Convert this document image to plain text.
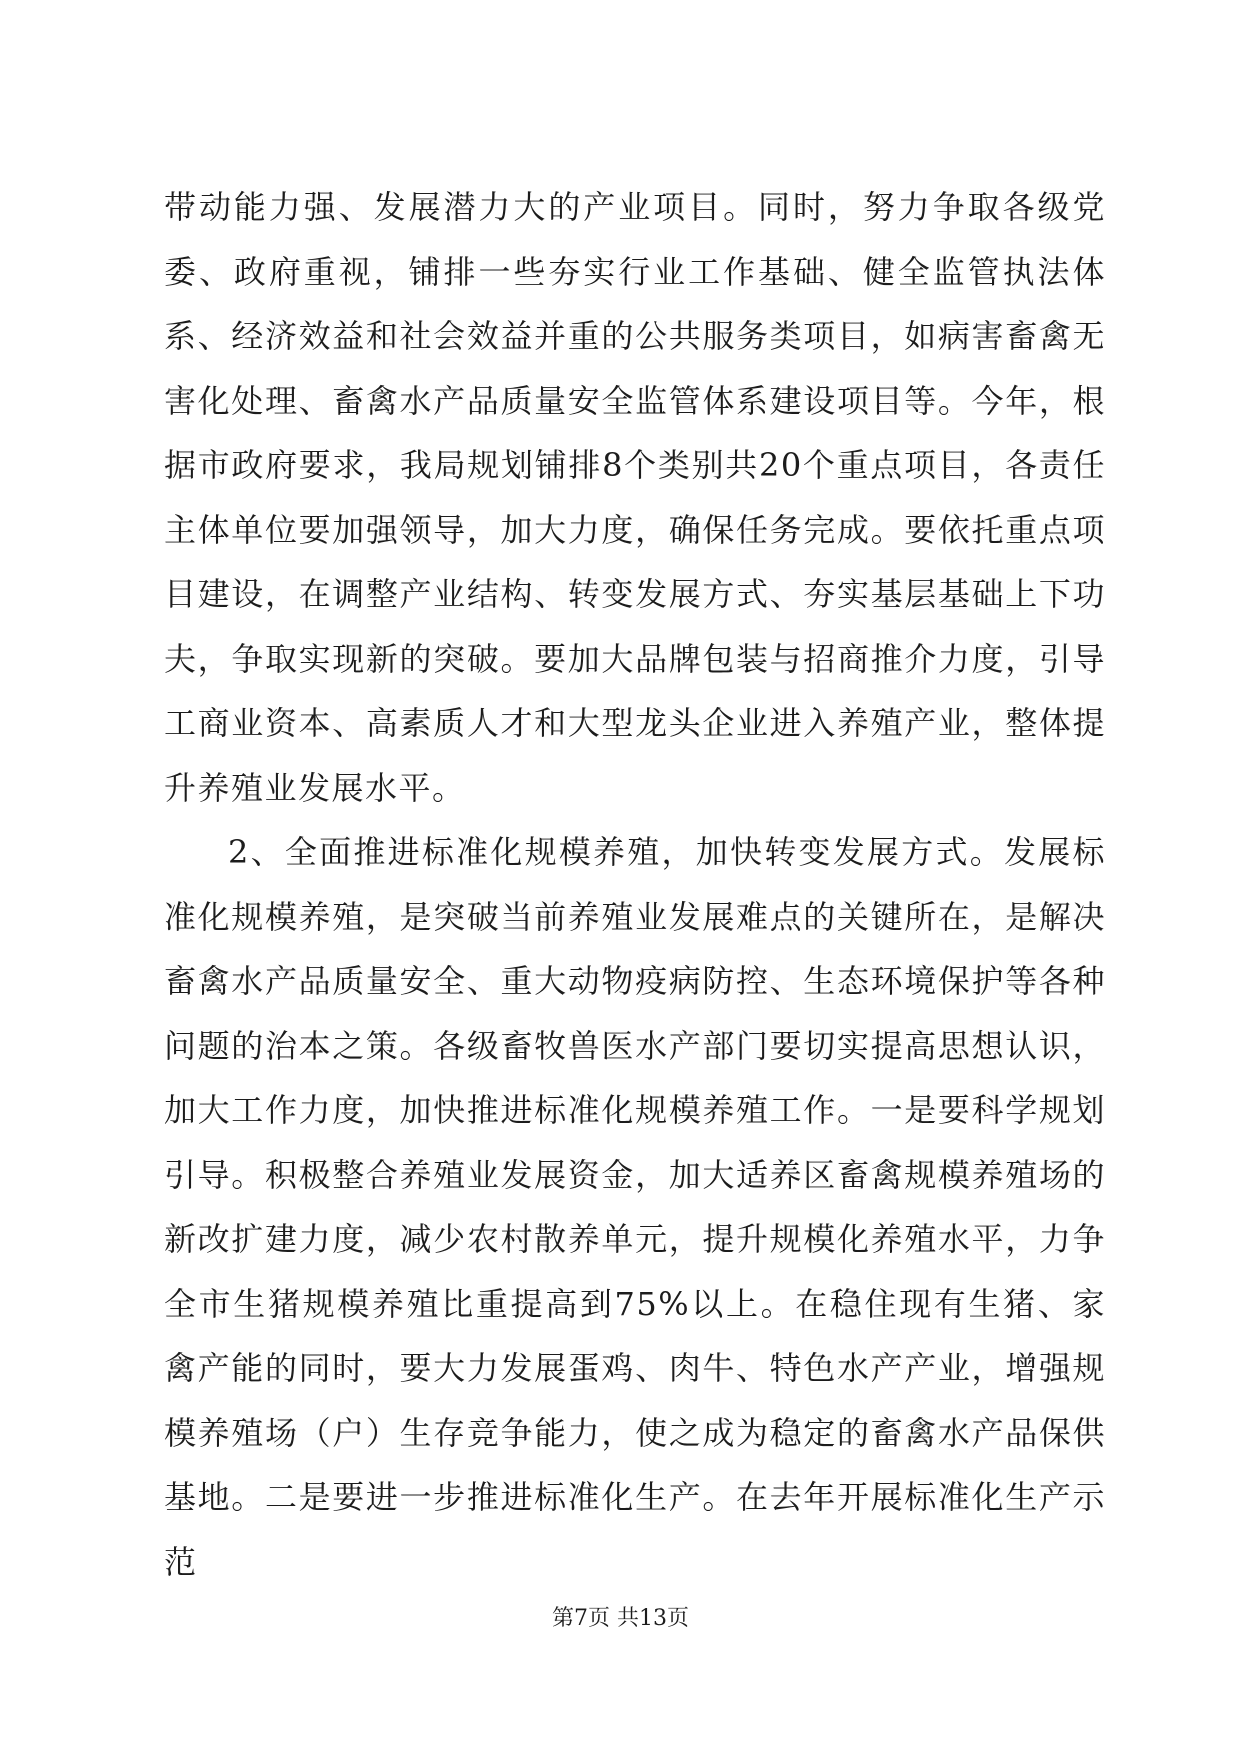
带动能力强、发展潜力大的产业项目。同时，努力争取各级党委、政府重视，铺排一些夯实行业工作基础、健全监管执法体系、经济效益和社会效益并重的公共服务类项目，如病害畜禽无害化处理、畜禽水产品质量安全监管体系建设项目等。今年，根据市政府要求，我局规划铺排8个类别共20个重点项目，各责任主体单位要加强领导，加大力度，确保任务完成。要依托重点项目建设，在调整产业结构、转变发展方式、夯实基层基础上下功夫，争取实现新的突破。要加大品牌包装与招商推介力度，引导工商业资本、高素质人才和大型龙头企业进入养殖产业，整体提升养殖业发展水平。

2、全面推进标准化规模养殖，加快转变发展方式。发展标准化规模养殖，是突破当前养殖业发展难点的关键所在，是解决畜禽水产品质量安全、重大动物疫病防控、生态环境保护等各种问题的治本之策。各级畜牧兽医水产部门要切实提高思想认识，加大工作力度，加快推进标准化规模养殖工作。一是要科学规划引导。积极整合养殖业发展资金，加大适养区畜禽规模养殖场的新改扩建力度，减少农村散养单元，提升规模化养殖水平，力争全市生猪规模养殖比重提高到75%以上。在稳住现有生猪、家禽产能的同时，要大力发展蛋鸡、肉牛、特色水产产业，增强规模养殖场（户）生存竞争能力，使之成为稳定的畜禽水产品保供基地。二是要进一步推进标准化生产。在去年开展标准化生产示范

第7页 共13页
